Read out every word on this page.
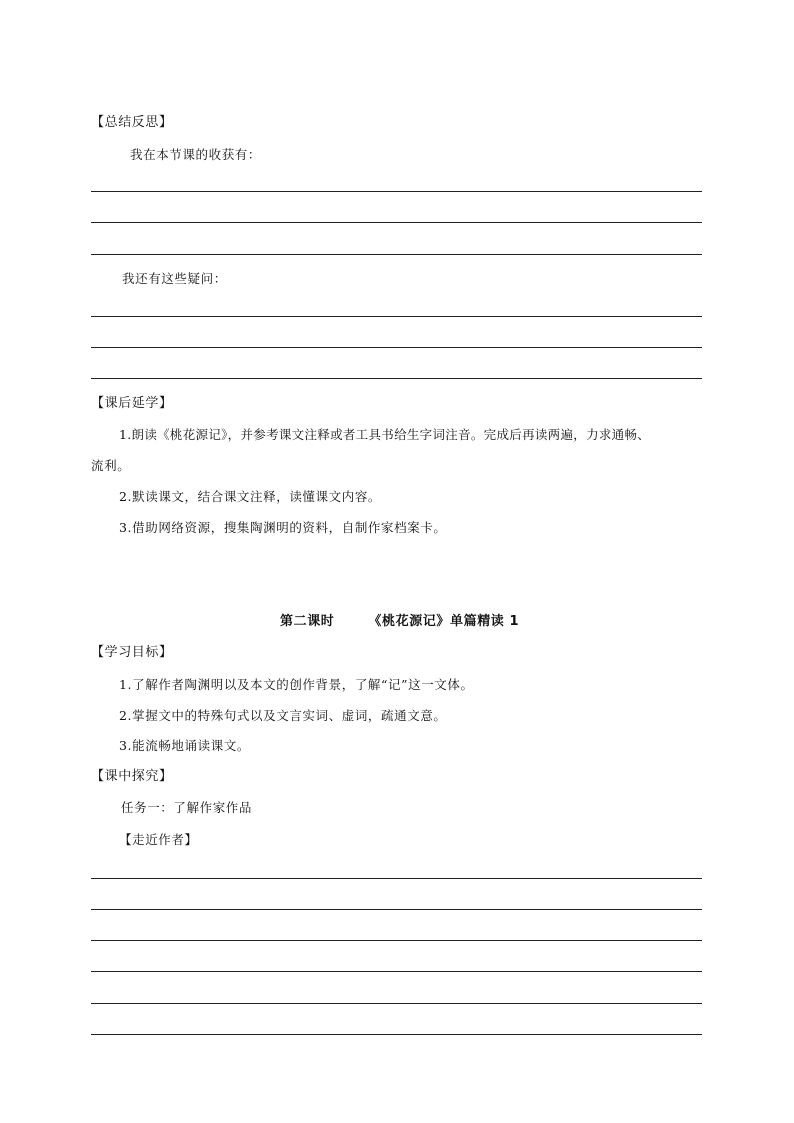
【总结反思】
我在本节课的收获有：
我还有这些疑问：
【课后延学】
1.朗读《桃花源记》，并参考课文注释或者工具书给生字词注音。完成后再读两遍，力求通畅、
流利。
2.默读课文，结合课文注释，读懂课文内容。
3.借助网络资源，搜集陶渊明的资料，自制作家档案卡。
第二课时	《桃花源记》单篇精读 1
【学习目标】
1.了解作者陶渊明以及本文的创作背景，了解“记”这一文体。
2.掌握文中的特殊句式以及文言实词、虚词，疏通文意。
3.能流畅地诵读课文。
【课中探究】
任务一：了解作家作品
【走近作者】
